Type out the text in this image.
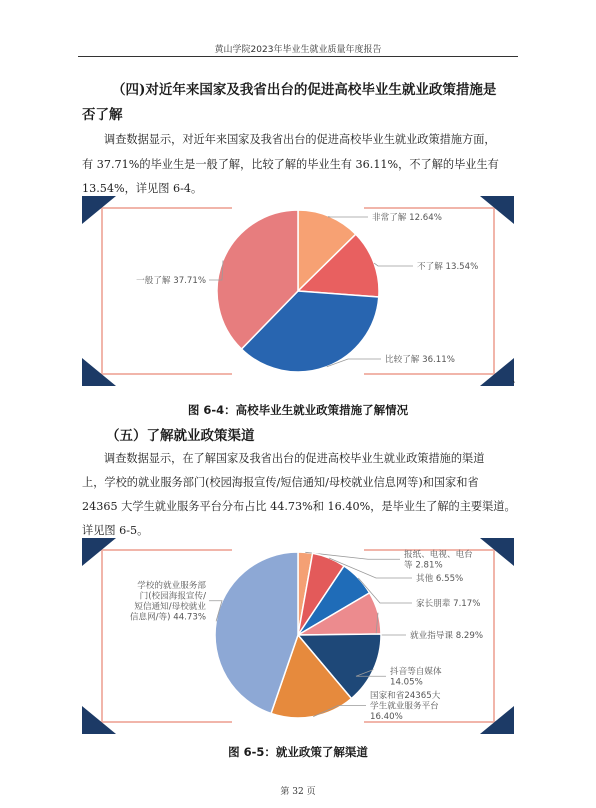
黄山学院2023年毕业生就业质量年度报告
（四)对近年来国家及我省出台的促进高校毕业生就业政策措施是
否了解
调查数据显示，对近年来国家及我省出台的促进高校毕业生就业政策措施方面，
有 37.71%的毕业生是一般了解，比较了解的毕业生有 36.11%，不了解的毕业生有
13.54%，详见图 6-4。
非常了解 12.64%
不了解 13.54%
比较了解 36.11%
一般了解 37.71%
、
图 6-4：高校毕业生就业政策措施了解情况
（五）了解就业政策渠道
调查数据显示，在了解国家及我省出台的促进高校毕业生就业政策措施的渠道
上，学校的就业服务部门(校园海报宣传/短信通知/母校就业信息网等)和国家和省
24365 大学生就业服务平台分布占比 44.73%和 16.40%，是毕业生了解的主要渠道。
详见图 6-5。
报纸、电视、电台等 2.81%
其他 6.55%
家长朋辈 7.17%
就业指导课 8.29%
抖音等自媒体 14.05%
国家和省24365大学生就业服务平台 16.40%
学校的就业服务部门(校园海报宣传/短信通知/母校就业信息网/等) 44.73%
图 6-5：就业政策了解渠道
第 32 页
